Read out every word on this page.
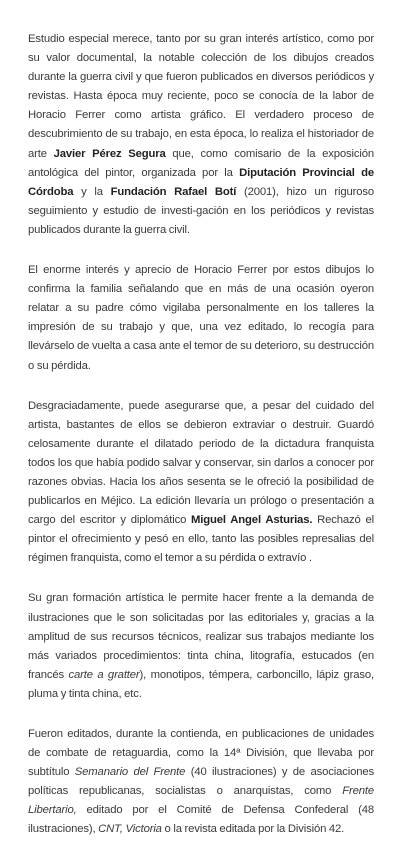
Estudio especial merece, tanto por su gran interés artístico, como por su valor documental, la notable colección de los dibujos creados durante la guerra civil y que fueron publicados en diversos periódicos y revistas. Hasta época muy reciente, poco se conocía de la labor de Horacio Ferrer como artista gráfico. El verdadero proceso de descubrimiento de su trabajo, en esta época, lo realiza el historiador de arte Javier Pérez Segura que, como comisario de la exposición antológica del pintor, organizada por la Diputación Provincial de Córdoba y la Fundación Rafael Botí (2001), hizo un riguroso seguimiento y estudio de investi-gación en los periódicos y revistas publicados durante la guerra civil.

El enorme interés y aprecio de Horacio Ferrer por estos dibujos lo confirma la familia señalando que en más de una ocasión oyeron relatar a su padre cómo vigilaba personalmente en los talleres la impresión de su trabajo y que, una vez editado, lo recogía para llevárselo de vuelta a casa ante el temor de su deterioro, su destrucción o su pérdida.

Desgraciadamente, puede asegurarse que, a pesar del cuidado del artista, bastantes de ellos se debieron extraviar o destruir. Guardó celosamente durante el dilatado periodo de la dictadura franquista todos los que había podido salvar y conservar, sin darlos a conocer por razones obvias. Hacia los años sesenta se le ofreció la posibilidad de publicarlos en Méjico. La edición llevaría un prólogo o presentación a cargo del escritor y diplomático Miguel Angel Asturias. Rechazó el pintor el ofrecimiento y pesó en ello, tanto las posibles represalias del régimen franquista, como el temor a su pérdida o extravío .

Su gran formación artística le permite hacer frente a la demanda de ilustraciones que le son solicitadas por las editoriales y, gracias a la amplitud de sus recursos técnicos, realizar sus trabajos mediante los más variados procedimientos: tinta china, litografía, estucados (en francés carte a gratter), monotipos, témpera, carboncillo, lápiz graso, pluma y tinta china, etc.

Fueron editados, durante la contienda, en publicaciones de unidades de combate de retaguardia, como la 14ª División, que llevaba por subtítulo Semanario del Frente (40 ilustraciones) y de asociaciones políticas republicanas, socialistas o anarquistas, como Frente Libertario, editado por el Comité de Defensa Confederal (48 ilustraciones), CNT, Victoria o la revista editada por la División 42.
